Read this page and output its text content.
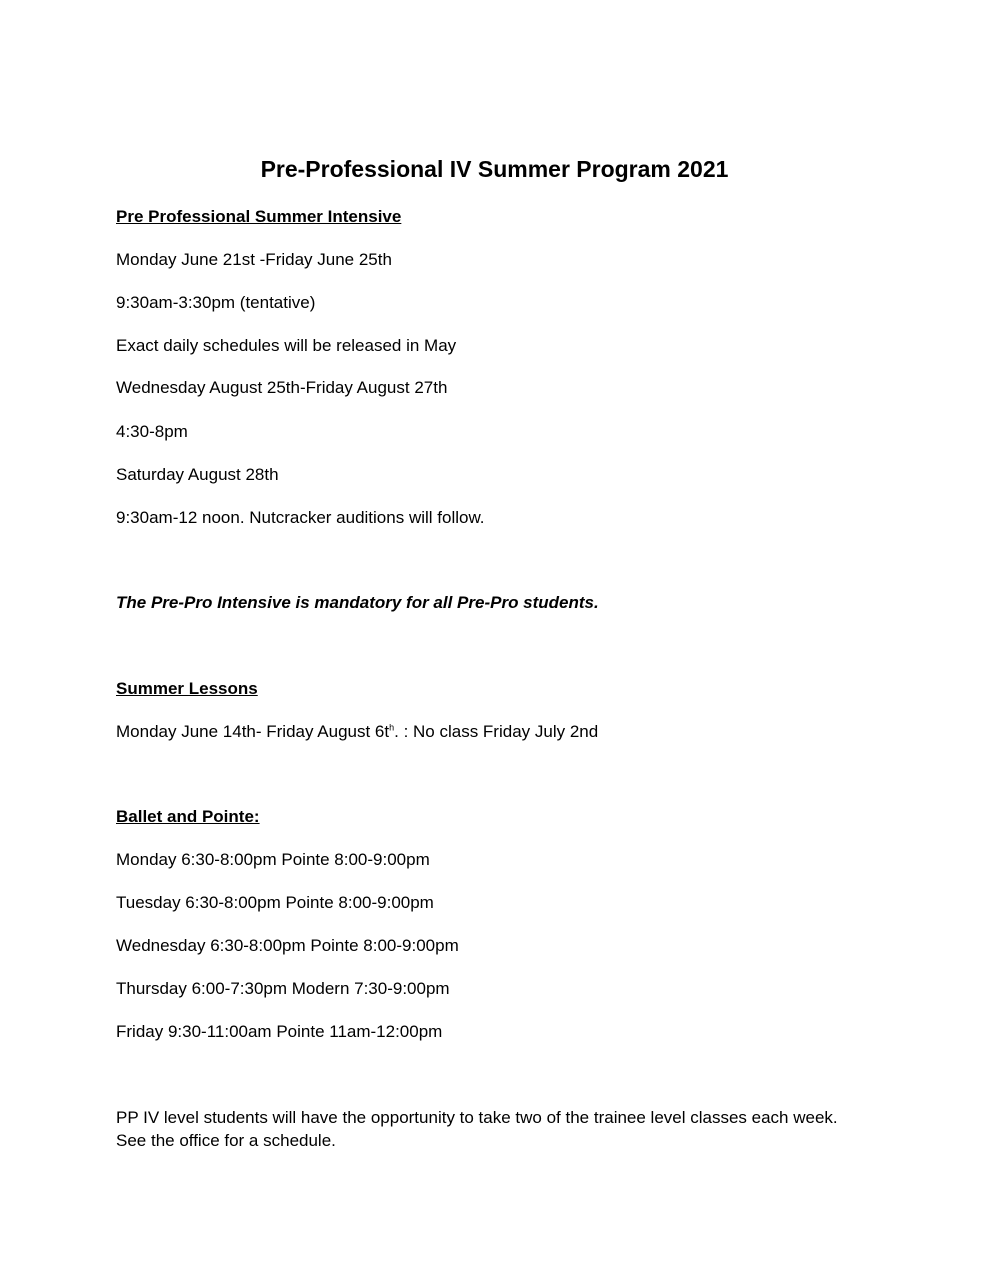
Pre-Professional IV Summer Program 2021
Pre Professional Summer Intensive
Monday June 21st -Friday June 25th
9:30am-3:30pm (tentative)
Exact daily schedules will be released in May
Wednesday August 25th-Friday August 27th
4:30-8pm
Saturday August 28th
9:30am-12 noon. Nutcracker auditions will follow.
The Pre-Pro Intensive is mandatory for all Pre-Pro students.
Summer Lessons
Monday June 14th- Friday August $6t^h$. : No class Friday July 2nd
Ballet and Pointe:
Monday 6:30-8:00pm Pointe 8:00-9:00pm
Tuesday 6:30-8:00pm Pointe 8:00-9:00pm
Wednesday 6:30-8:00pm Pointe 8:00-9:00pm
Thursday 6:00-7:30pm Modern 7:30-9:00pm
Friday 9:30-11:00am Pointe 11am-12:00pm
PP IV level students will have the opportunity to take two of the trainee level classes each week.
See the office for a schedule.
